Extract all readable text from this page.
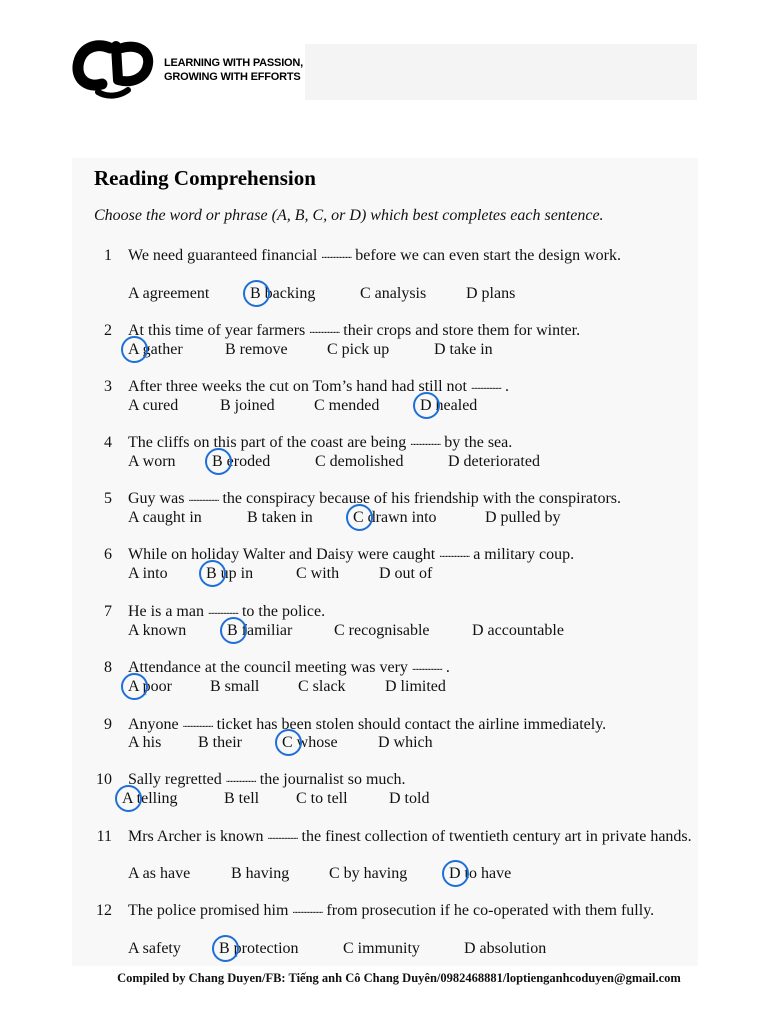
LEARNING WITH PASSION,
GROWING WITH EFFORTS
Reading Comprehension
Choose the word or phrase (A, B, C, or D) which best completes each sentence.
1 We need guaranteed financial .................... before we can even start the design work.
A agreement	B backing	C analysis D plans
2 At this time of year farmers .................... their crops and store them for winter.
A gather	B remove C pick up	D take in
3 After three weeks the cut on Tom’s hand had still not .................... .
A cured	B joined C mended	D healed
4 The cliffs on this part of the coast are being .................... by the sea.
A worn B eroded	C demolished	D deteriorated
5 Guy was .................... the conspiracy because of his friendship with the conspirators.
A caught in	B taken in	C drawn into	D pulled by
6 While on holiday Walter and Daisy were caught .................... a military coup.
A into B up in	C with D out of
7 He is a man .................... to the police.
A known	B familiar	C recognisable	D accountable
8 Attendance at the council meeting was very .................... .
A poor B small C slack D limited
9 Anyone .................... ticket has been stolen should contact the airline immediately.
A his B their	C whose	D which
10 Sally regretted .................... the journalist so much.
A telling	B tell C to tell	D told
11 Mrs Archer is known .................... the finest collection of twentieth century art in private hands.
A as have	B having C by having	D to have
12 The police promised him .................... from prosecution if he co-operated with them fully.
A safety B protection	C immunity	D absolution
Compiled by Chang Duyen/FB: Tiếng anh Cô Chang Duyên/0982468881/loptienganhcoduyen@gmail.com
